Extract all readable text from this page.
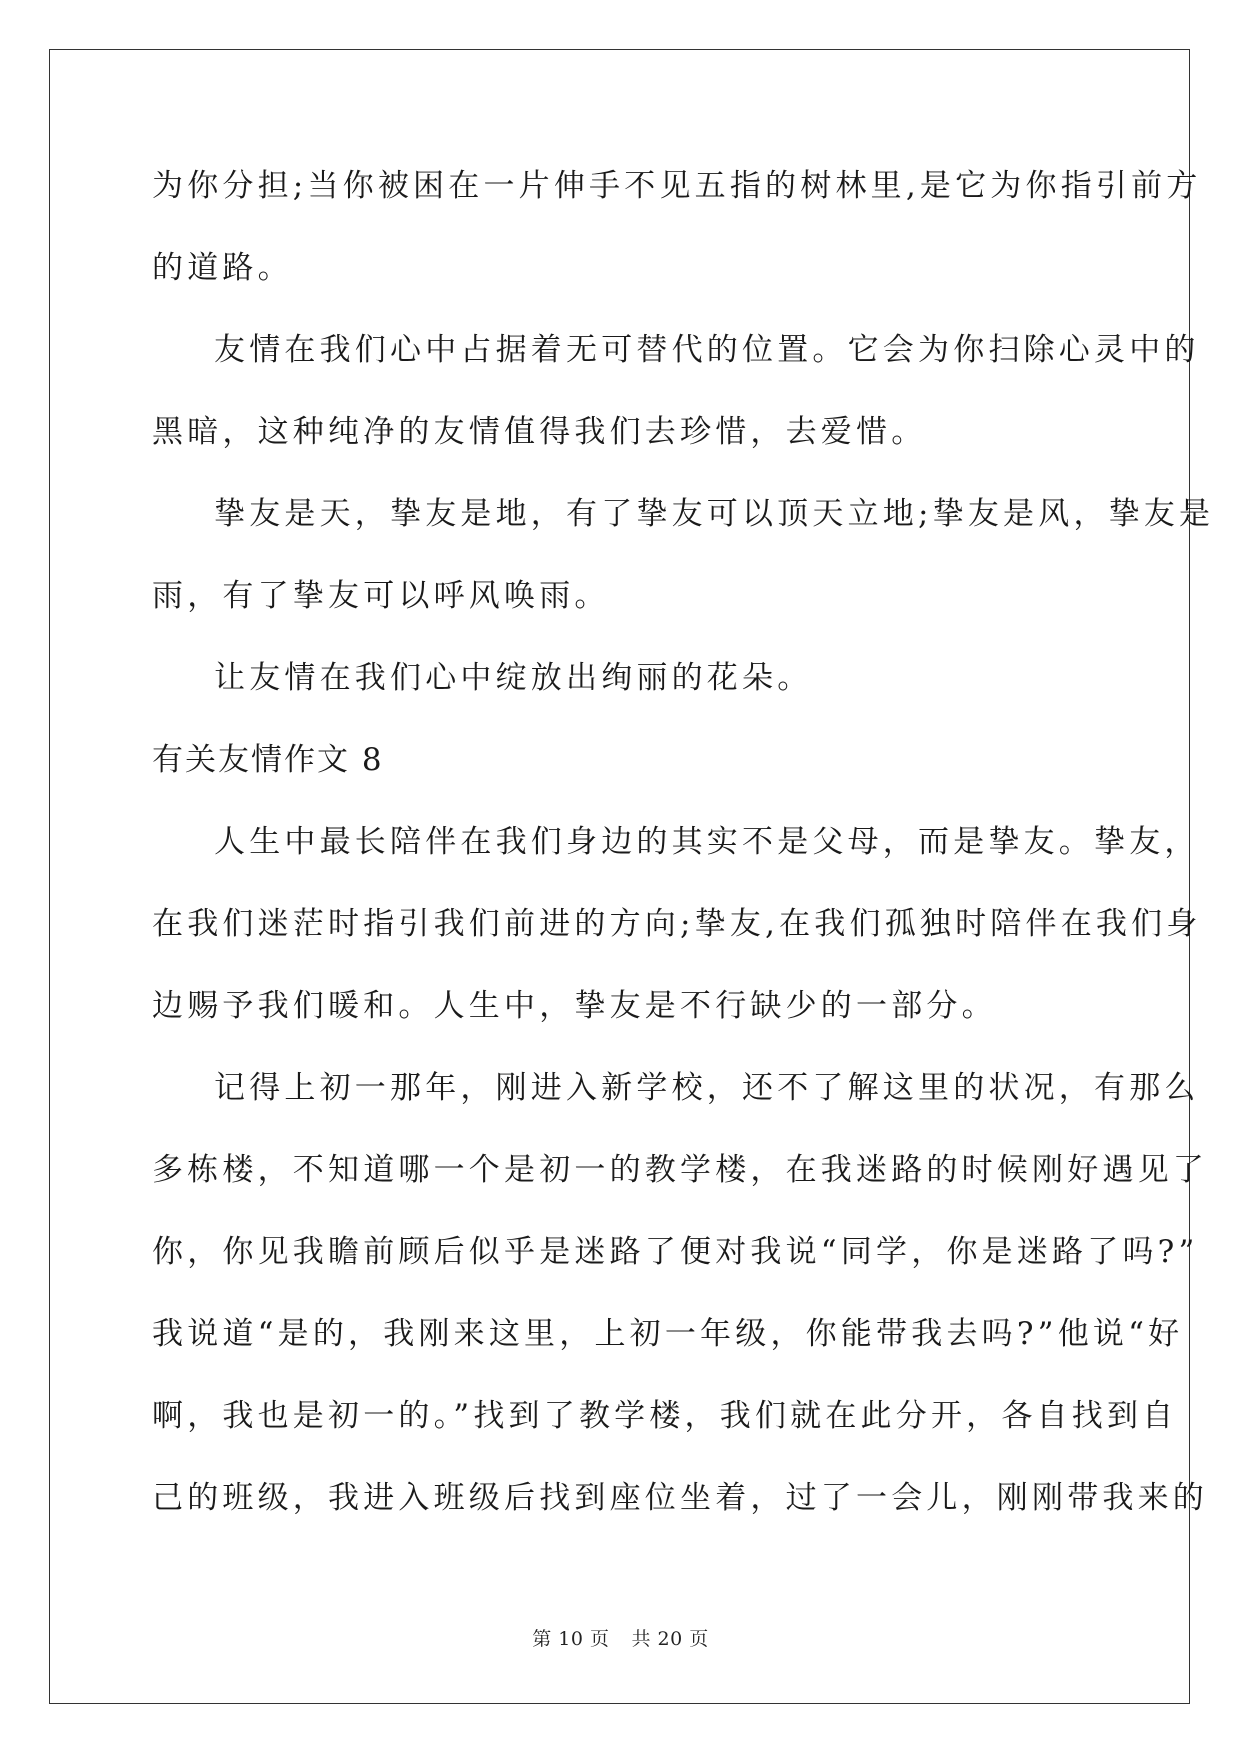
为你分担;当你被困在一片伸手不见五指的树林里,是它为你指引前方
的道路。
友情在我们心中占据着无可替代的位置。它会为你扫除心灵中的
黑暗，这种纯净的友情值得我们去珍惜，去爱惜。
挚友是天，挚友是地，有了挚友可以顶天立地;挚友是风，挚友是
雨，有了挚友可以呼风唤雨。
让友情在我们心中绽放出绚丽的花朵。
有关友情作文 8
人生中最长陪伴在我们身边的其实不是父母，而是挚友。挚友，
在我们迷茫时指引我们前进的方向;挚友,在我们孤独时陪伴在我们身
边赐予我们暖和。人生中，挚友是不行缺少的一部分。
记得上初一那年，刚进入新学校，还不了解这里的状况，有那么
多栋楼，不知道哪一个是初一的教学楼，在我迷路的时候刚好遇见了
你，你见我瞻前顾后似乎是迷路了便对我说“同学，你是迷路了吗?”
我说道“是的，我刚来这里，上初一年级，你能带我去吗?”他说“好
啊，我也是初一的。”找到了教学楼，我们就在此分开，各自找到自
己的班级，我进入班级后找到座位坐着，过了一会儿，刚刚带我来的
第 10 页 共 20 页
